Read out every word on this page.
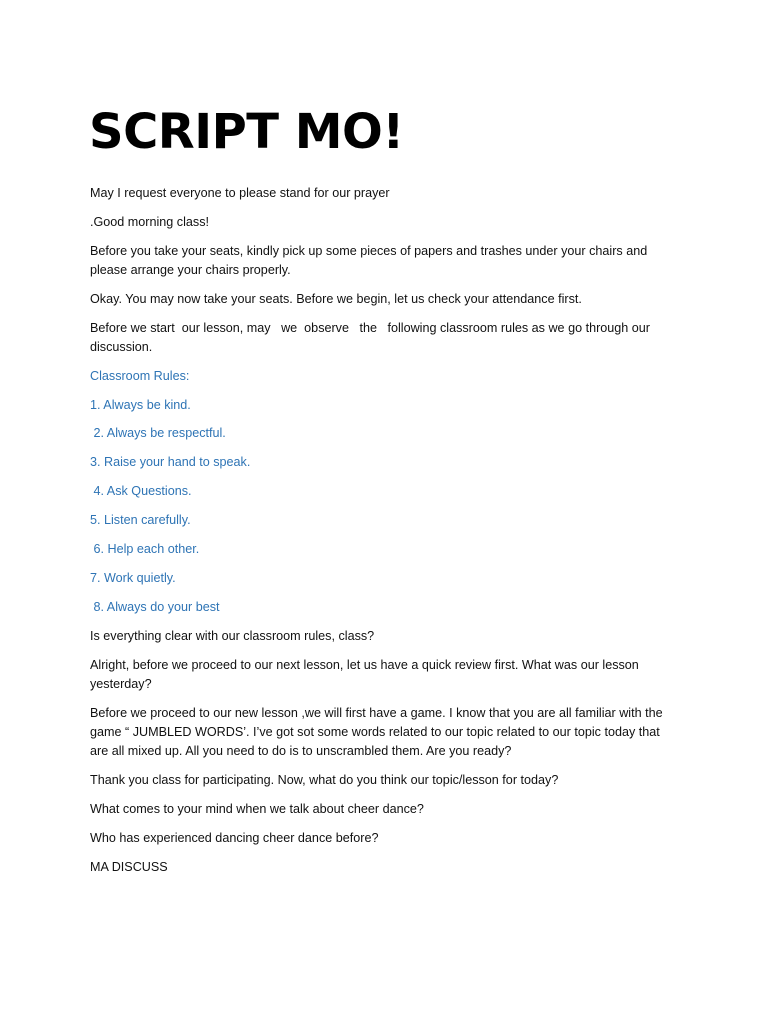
SCRIPT MO!

May I request everyone to please stand for our prayer

.Good morning class!

Before you take your seats, kindly pick up some pieces of papers and trashes under your chairs and please arrange your chairs properly.

Okay. You may now take your seats. Before we begin, let us check your attendance first.

Before we start  our lesson, may   we  observe   the   following classroom rules as we go through our discussion.

Classroom Rules:

1. Always be kind.

2. Always be respectful.

3. Raise your hand to speak.

4. Ask Questions.

5. Listen carefully.

6. Help each other.

7. Work quietly.

8. Always do your best

Is everything clear with our classroom rules, class?

Alright, before we proceed to our next lesson, let us have a quick review first. What was our lesson yesterday?

Before we proceed to our new lesson ,we will first have a game. I know that you are all familiar with the game “ JUMBLED WORDS’. I’ve got sot some words related to our topic related to our topic today that are all mixed up. All you need to do is to unscrambled them. Are you ready?

Thank you class for participating. Now, what do you think our topic/lesson for today?

What comes to your mind when we talk about cheer dance?

Who has experienced dancing cheer dance before?

MA DISCUSS
